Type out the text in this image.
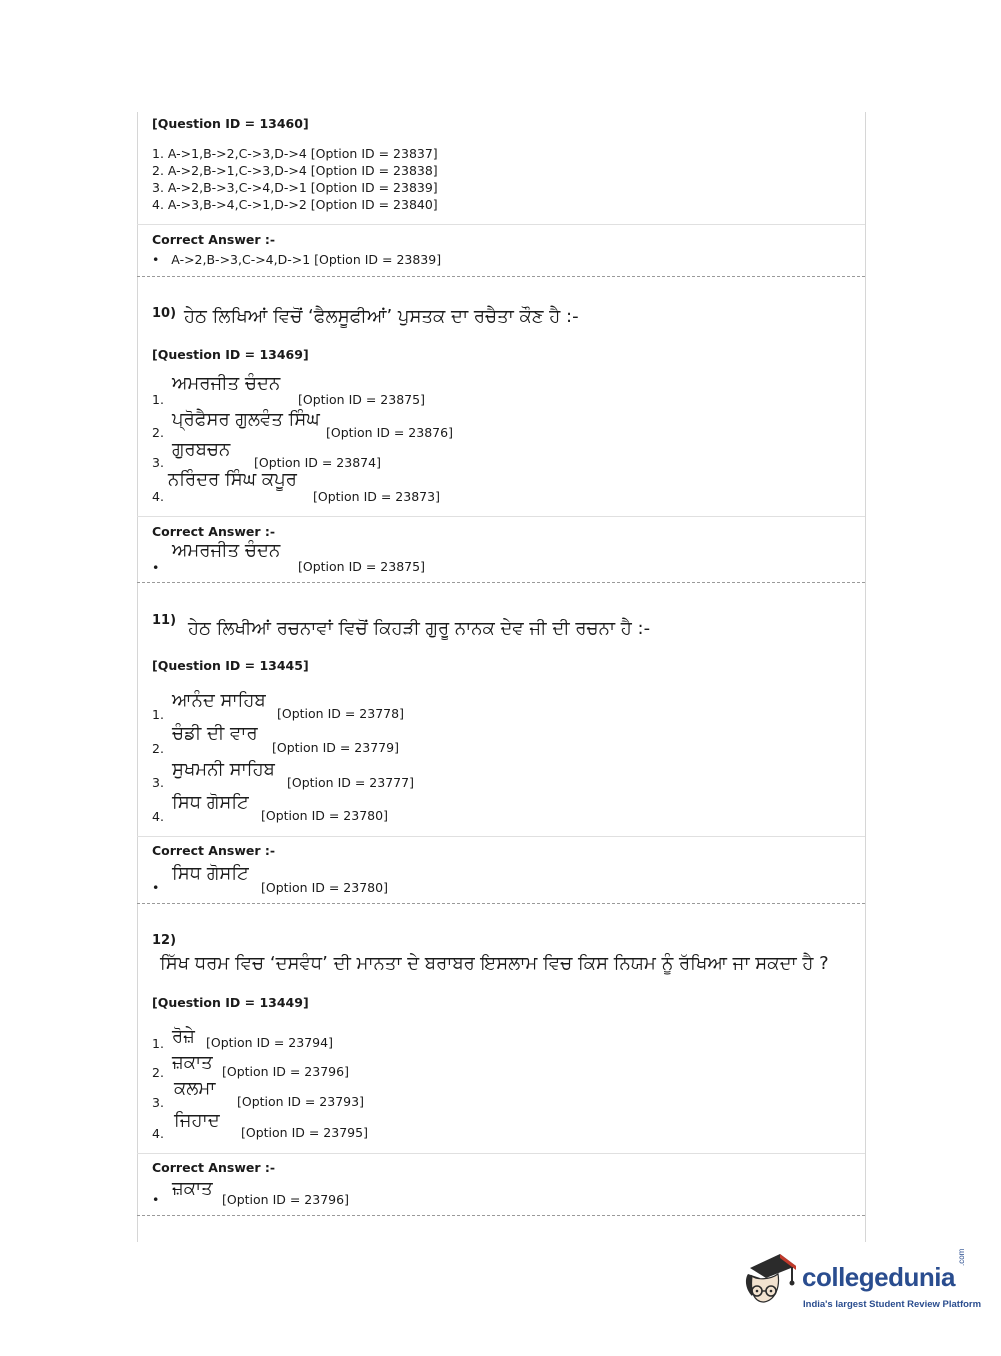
[Question ID = 13460]
1. A->1,B->2,C->3,D->4 [Option ID = 23837]
2. A->2,B->1,C->3,D->4 [Option ID = 23838]
3. A->2,B->3,C->4,D->1 [Option ID = 23839]
4. A->3,B->4,C->1,D->2 [Option ID = 23840]
Correct Answer :-
•   A->2,B->3,C->4,D->1 [Option ID = 23839]
10) ਹੇਠ ਲਿਖਿਆਂ ਵਿਚੋਂ ‘ਫੈਲਸੂਫੀਆਂ’ ਪੁਸਤਕ ਦਾ ਰਚੈਤਾ ਕੌਣ ਹੈ :-
[Question ID = 13469]
1.
ਅਮਰਜੀਤ ਚੰਦਨ
[Option ID = 23875]
2.
ਪ੍ਰੋਫੈਸਰ ਗੁਲਵੰਤ ਸਿੰਘ
[Option ID = 23876]
3.
ਗੁਰਬਚਨ
[Option ID = 23874]
4.
ਨਰਿੰਦਰ ਸਿੰਘ ਕਪੂਰ
[Option ID = 23873]
Correct Answer :-
•
ਅਮਰਜੀਤ ਚੰਦਨ
[Option ID = 23875]
11) ਹੇਠ ਲਿਖੀਆਂ ਰਚਨਾਵਾਂ ਵਿਚੋਂ ਕਿਹੜੀ ਗੁਰੂ ਨਾਨਕ ਦੇਵ ਜੀ ਦੀ ਰਚਨਾ ਹੈ :-
[Question ID = 13445]
1.
ਆਨੰਦ ਸਾਹਿਬ
[Option ID = 23778]
2.
ਚੰਡੀ ਦੀ ਵਾਰ
[Option ID = 23779]
3.
ਸੁਖਮਨੀ ਸਾਹਿਬ
[Option ID = 23777]
4.
ਸਿਧ ਗੋਸਟਿ
[Option ID = 23780]
Correct Answer :-
•
ਸਿਧ ਗੋਸਟਿ
[Option ID = 23780]
12)
ਸਿੱਖ ਧਰਮ ਵਿਚ ‘ਦਸਵੰਧ’ ਦੀ ਮਾਨਤਾ ਦੇ ਬਰਾਬਰ ਇਸਲਾਮ ਵਿਚ ਕਿਸ ਨਿਯਮ ਨੂੰ ਰੱਖਿਆ ਜਾ ਸਕਦਾ ਹੈ ?
[Question ID = 13449]
1. ਰੋਜ਼ੇ [Option ID = 23794]
2. ਜ਼ਕਾਤ [Option ID = 23796]
3.
ਕਲਮਾ
[Option ID = 23793]
4.
ਜਿਹਾਦ
[Option ID = 23795]
Correct Answer :-
•
ਜ਼ਕਾਤ
[Option ID = 23796]
collegedunia
.com
India's largest Student Review Platform
